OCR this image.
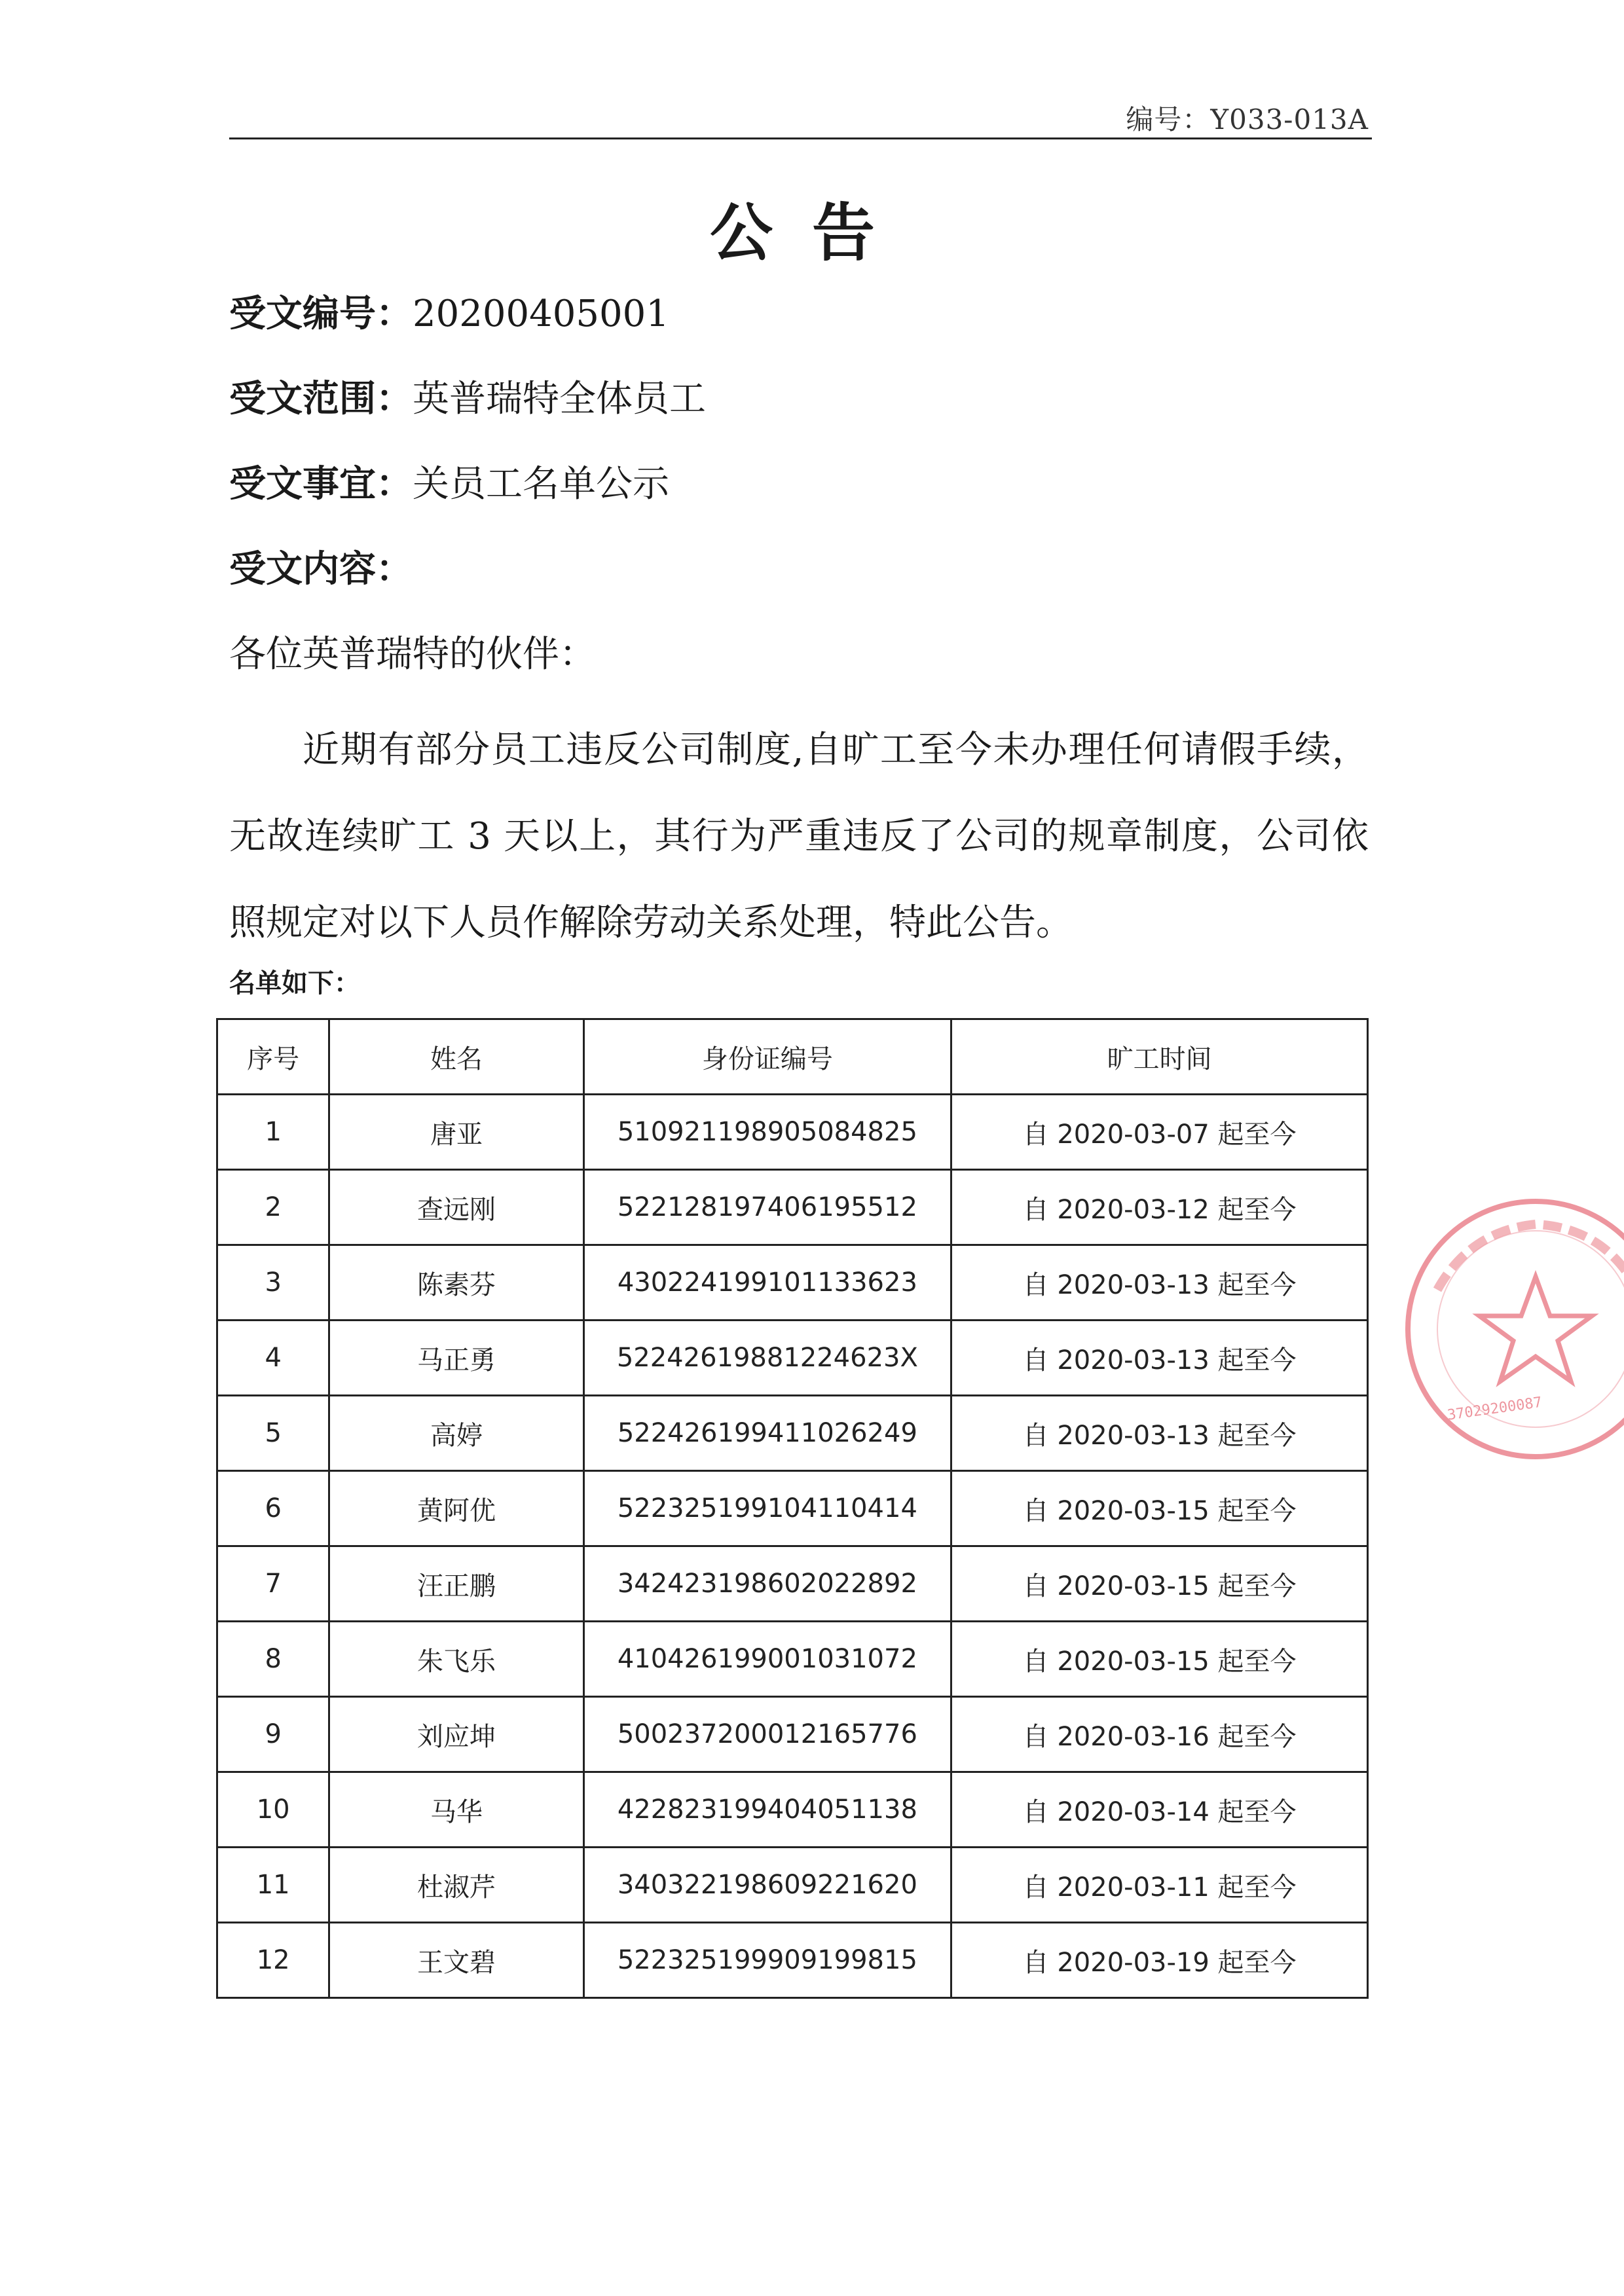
编号：Y033-013A
公告
受文编号：20200405001
受文范围：英普瑞特全体员工
受文事宜：关员工名单公示
受文内容：
各位英普瑞特的伙伴：
近期有部分员工违反公司制度,自旷工至今未办理任何请假手续，无故连续旷工 3 天以上，其行为严重违反了公司的规章制度，公司依照规定对以下人员作解除劳动关系处理，特此公告。
名单如下：
序号	姓名	身份证编号	旷工时间
1	唐亚	510921198905084825	自 2020-03-07 起至今
2	查远刚	522128197406195512	自 2020-03-12 起至今
3	陈素芬	430224199101133623	自 2020-03-13 起至今
4	马正勇	52242619881224623X	自 2020-03-13 起至今
5	高婷	522426199411026249	自 2020-03-13 起至今
6	黄阿优	522325199104110414	自 2020-03-15 起至今
7	汪正鹏	342423198602022892	自 2020-03-15 起至今
8	朱飞乐	410426199001031072	自 2020-03-15 起至今
9	刘应坤	500237200012165776	自 2020-03-16 起至今
10	马华	422823199404051138	自 2020-03-14 起至今
11	杜淑芹	340322198609221620	自 2020-03-11 起至今
12	王文碧	522325199909199815	自 2020-03-19 起至今
37029200087
